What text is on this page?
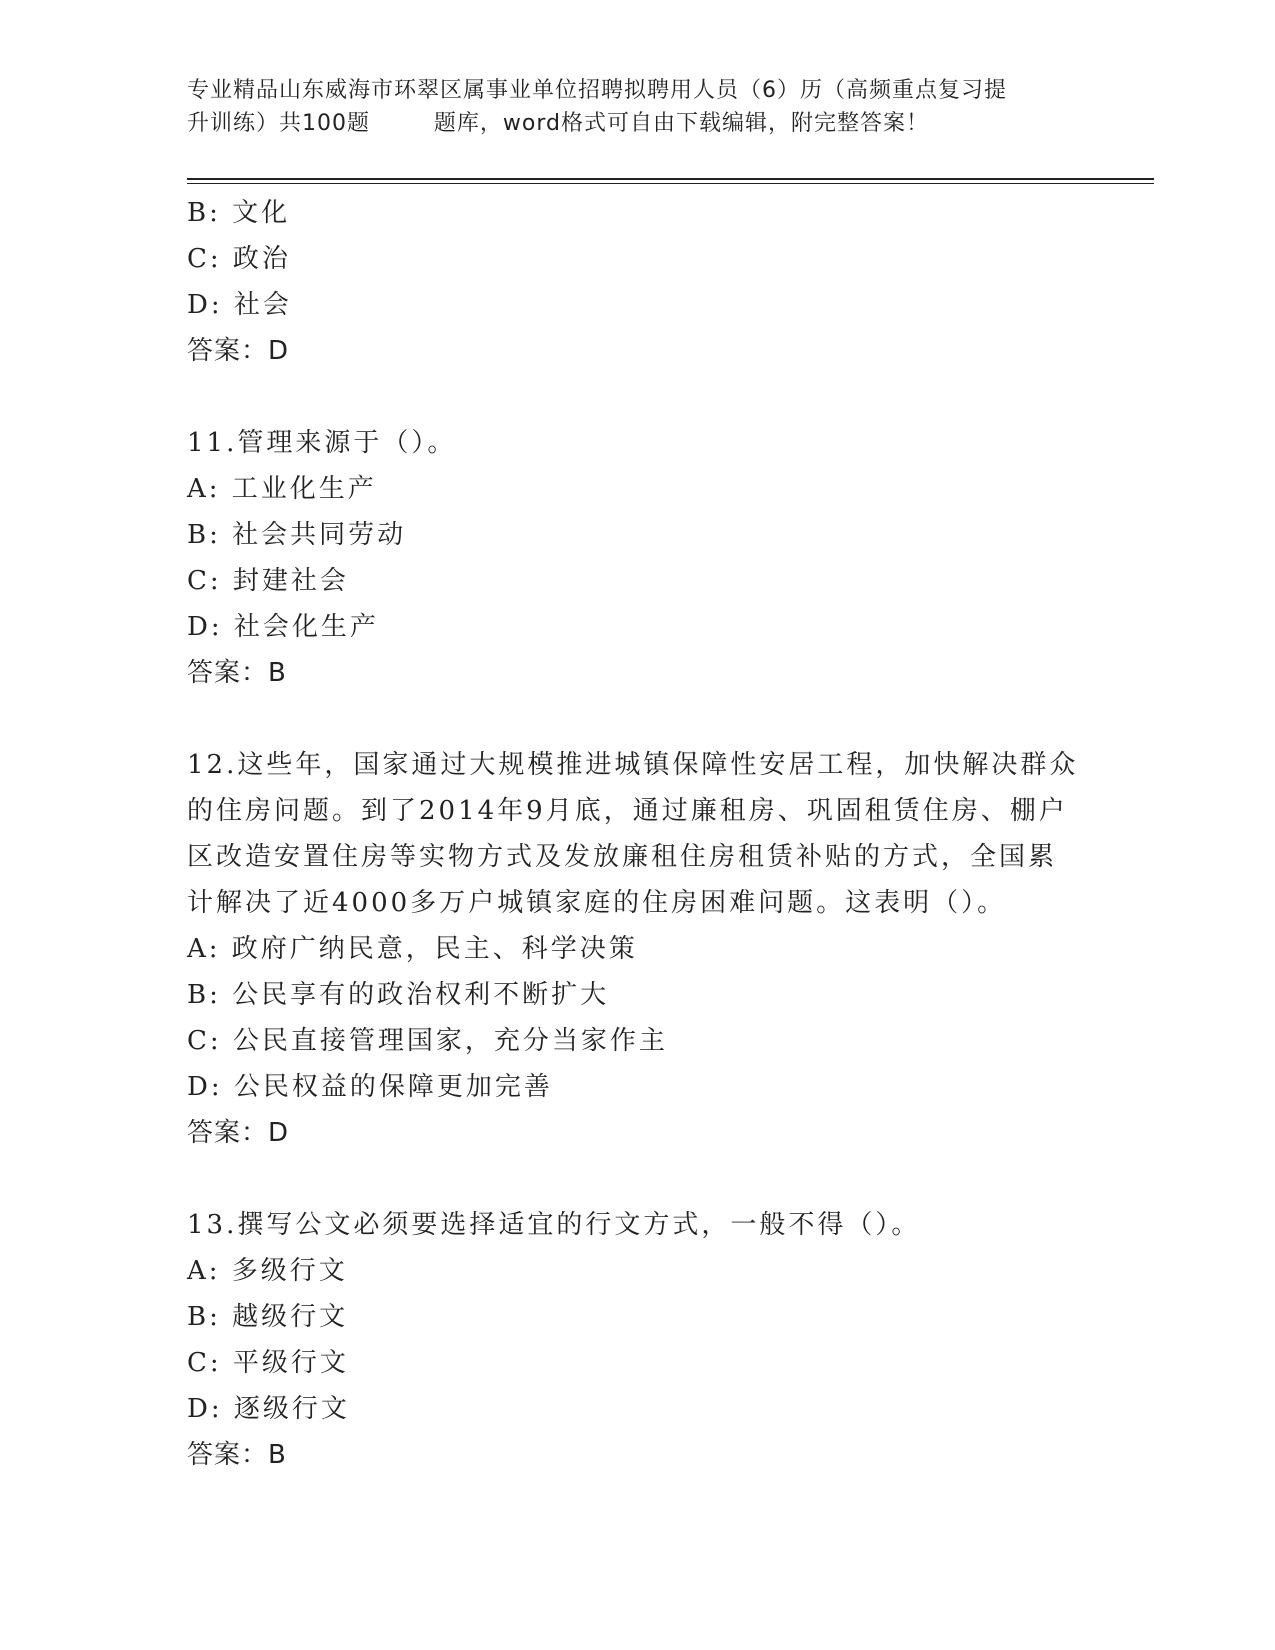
专业精品山东威海市环翠区属事业单位招聘拟聘用人员（6）历（高频重点复习提
升训练）共100题        题库，word格式可自由下载编辑，附完整答案！
B: 文化
C: 政治
D: 社会
答案：D
11.管理来源于（）。
A: 工业化生产
B: 社会共同劳动
C: 封建社会
D: 社会化生产
答案：B
12.这些年，国家通过大规模推进城镇保障性安居工程，加快解决群众
的住房问题。到了2014年9月底，通过廉租房、巩固租赁住房、棚户
区改造安置住房等实物方式及发放廉租住房租赁补贴的方式，全国累
计解决了近4000多万户城镇家庭的住房困难问题。这表明（）。
A: 政府广纳民意，民主、科学决策
B: 公民享有的政治权利不断扩大
C: 公民直接管理国家，充分当家作主
D: 公民权益的保障更加完善
答案：D
13.撰写公文必须要选择适宜的行文方式，一般不得（）。
A: 多级行文
B: 越级行文
C: 平级行文
D: 逐级行文
答案：B
